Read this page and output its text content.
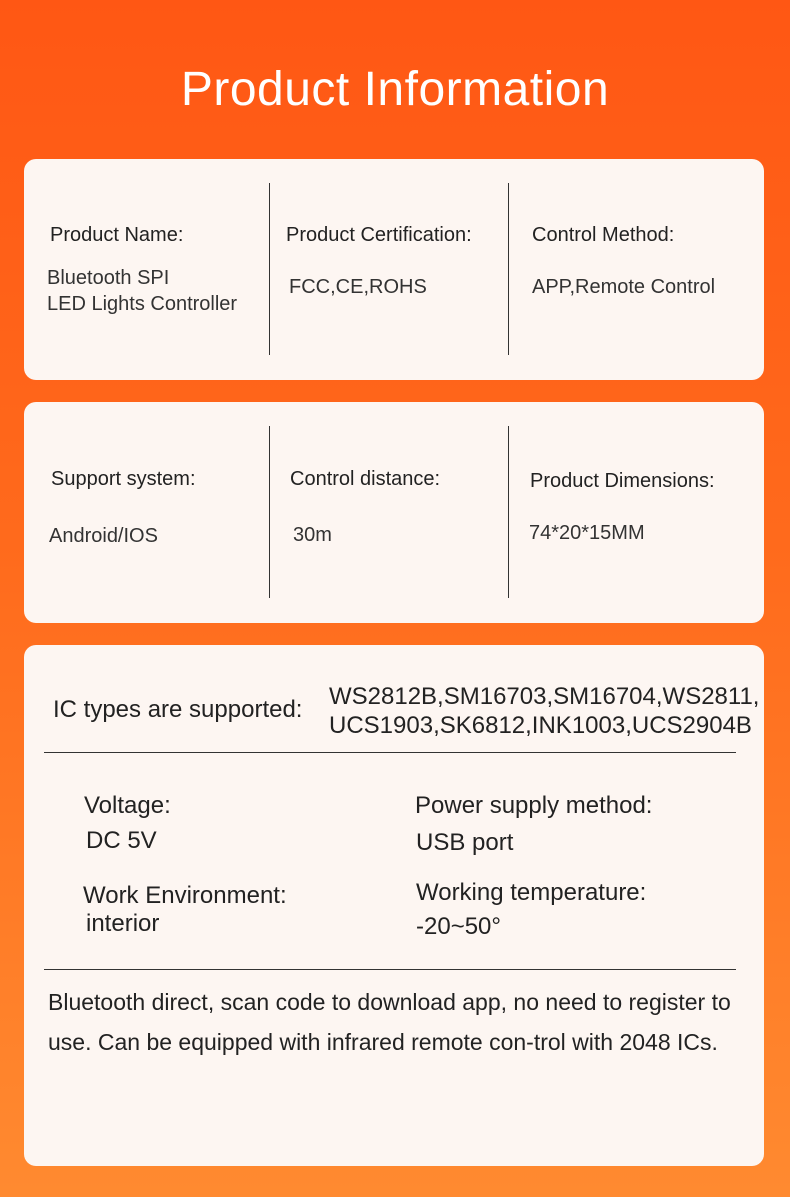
Product Information
Product Name:
Bluetooth SPI
LED Lights Controller
Product Certification:
FCC,CE,ROHS
Control Method:
APP,Remote Control
Support system:
Android/IOS
Control distance:
30m
Product Dimensions:
74*20*15MM
IC types are supported: WS2812B,SM16703,SM16704,WS2811,
UCS1903,SK6812,INK1003,UCS2904B
Voltage:
DC 5V
Power supply method:
USB port
Work Environment:
interior
Working temperature:
-20~50°
Bluetooth direct, scan code to download app, no need to register to use. Can be equipped with infrared remote con-trol with 2048 ICs.
